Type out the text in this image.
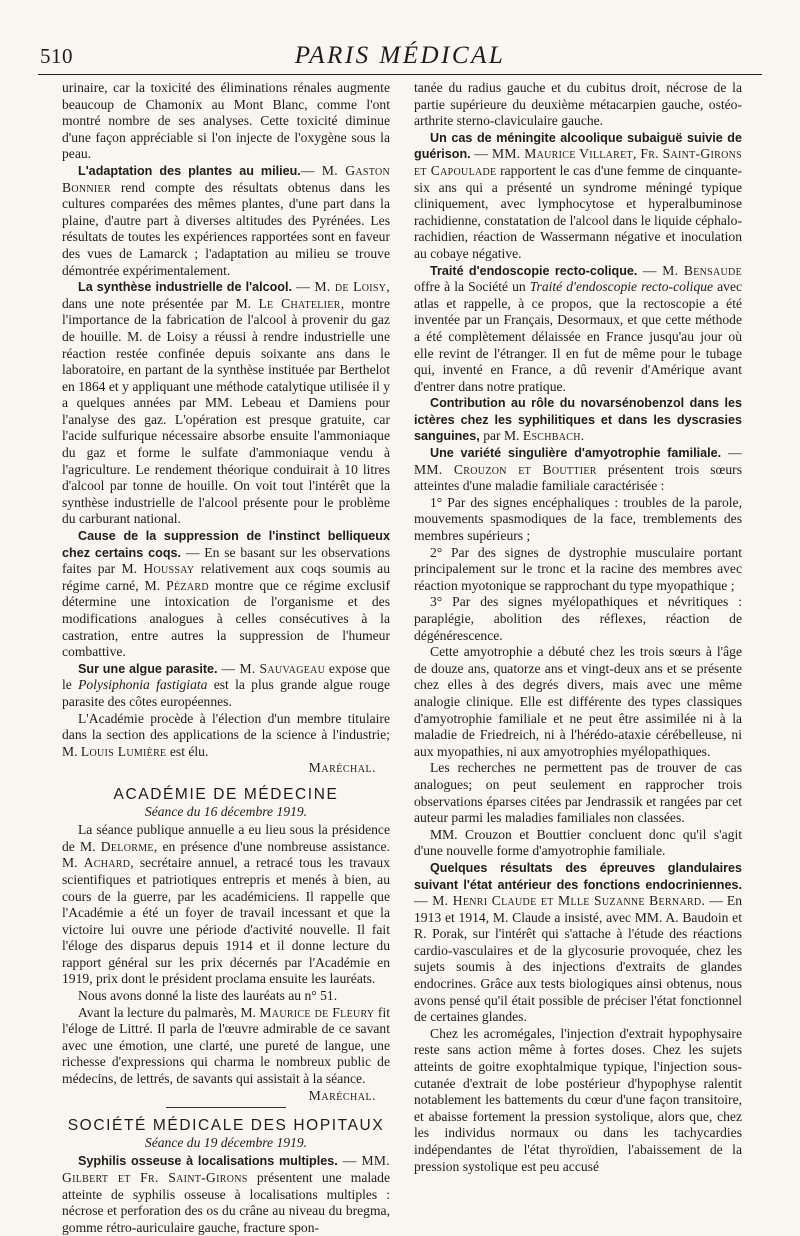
510	PARIS MÉDICAL

urinaire, car la toxicité des éliminations rénales augmente beaucoup de Chamonix au Mont Blanc, comme l'ont montré nombre de ses analyses. Cette toxicité diminue d'une façon appréciable si l'on injecte de l'oxygène sous la peau.

L'adaptation des plantes au milieu.— M. Gaston Bonnier rend compte des résultats obtenus dans les cultures comparées des mêmes plantes, d'une part dans la plaine, d'autre part à diverses altitudes des Pyrénées. Les résultats de toutes les expériences rapportées sont en faveur des vues de Lamarck ; l'adaptation au milieu se trouve démontrée expérimentalement.

La synthèse industrielle de l'alcool. — M. de Loisy, dans une note présentée par M. Le Chatelier, montre l'importance de la fabrication de l'alcool à provenir du gaz de houille. M. de Loisy a réussi à rendre industrielle une réaction restée confinée depuis soixante ans dans le laboratoire, en partant de la synthèse instituée par Berthelot en 1864 et y appliquant une méthode catalytique utilisée il y a quelques années par MM. Lebeau et Damiens pour l'analyse des gaz. L'opération est presque gratuite, car l'acide sulfurique nécessaire absorbe ensuite l'ammoniaque du gaz et forme le sulfate d'ammoniaque vendu à l'agriculture. Le rendement théorique conduirait à 10 litres d'alcool par tonne de houille. On voit tout l'intérêt que la synthèse industrielle de l'alcool présente pour le problème du carburant national.

Cause de la suppression de l'instinct belliqueux chez certains coqs. — En se basant sur les observations faites par M. Houssay relativement aux coqs soumis au régime carné, M. Pézard montre que ce régime exclusif détermine une intoxication de l'organisme et des modifications analogues à celles consécutives à la castration, entre autres la suppression de l'humeur combattive.

Sur une algue parasite. — M. Sauvageau expose que le Polysiphonia fastigiata est la plus grande algue rouge parasite des côtes européennes.

L'Académie procède à l'élection d'un membre titulaire dans la section des applications de la science à l'industrie; M. Louis Lumière est élu.

Maréchal.
ACADÉMIE DE MÉDECINE
Séance du 16 décembre 1919.

La séance publique annuelle a eu lieu sous la présidence de M. Delorme, en présence d'une nombreuse assistance. M. Achard, secrétaire annuel, a retracé tous les travaux scientifiques et patriotiques entrepris et menés à bien, au cours de la guerre, par les académiciens. Il rappelle que l'Académie a été un foyer de travail incessant et que la victoire lui ouvre une période d'activité nouvelle. Il fait l'éloge des disparus depuis 1914 et il donne lecture du rapport général sur les prix décernés par l'Académie en 1919, prix dont le président proclama ensuite les lauréats.

Nous avons donné la liste des lauréats au n° 51.

Avant la lecture du palmarès, M. Maurice de Fleury fit l'éloge de Littré. Il parla de l'œuvre admirable de ce savant avec une émotion, une clarté, une pureté de langue, une richesse d'expressions qui charma le nombreux public de médecins, de lettrés, de savants qui assistait à la séance.

Maréchal.
SOCIÉTÉ MÉDICALE DES HOPITAUX
Séance du 19 décembre 1919.

Syphilis osseuse à localisations multiples. — MM. Gilbert et Fr. Saint-Girons présentent une malade atteinte de syphilis osseuse à localisations multiples : nécrose et perforation des os du crâne au niveau du bregma, gomme rétro-auriculaire gauche, fracture spon-

tanée du radius gauche et du cubitus droit, nécrose de la partie supérieure du deuxième métacarpien gauche, ostéo-arthrite sterno-claviculaire gauche.

Un cas de méningite alcoolique subaiguë suivie de guérison. — MM. Maurice Villaret, Fr. Saint-Girons et Capoulade rapportent le cas d'une femme de cinquante-six ans qui a présenté un syndrome méningé typique cliniquement, avec lymphocytose et hyperalbuminose rachidienne, constatation de l'alcool dans le liquide céphalo-rachidien, réaction de Wassermann négative et inoculation au cobaye négative.

Traité d'endoscopie recto-colique. — M. Bensaude offre à la Société un Traité d'endoscopie recto-colique avec atlas et rappelle, à ce propos, que la rectoscopie a été inventée par un Français, Desormaux, et que cette méthode a été complètement délaissée en France jusqu'au jour où elle revint de l'étranger. Il en fut de même pour le tubage qui, inventé en France, a dû revenir d'Amérique avant d'entrer dans notre pratique.

Contribution au rôle du novarsénobenzol dans les ictères chez les syphilitiques et dans les dyscrasies sanguines, par M. Eschbach.

Une variété singulière d'amyotrophie familiale. — MM. Crouzon et Bouttier présentent trois sœurs atteintes d'une maladie familiale caractérisée :

1° Par des signes encéphaliques : troubles de la parole, mouvements spasmodiques de la face, tremblements des membres supérieurs ;

2° Par des signes de dystrophie musculaire portant principalement sur le tronc et la racine des membres avec réaction myotonique se rapprochant du type myopathique ;

3° Par des signes myélopathiques et névritiques : paraplégie, abolition des réflexes, réaction de dégénérescence.

Cette amyotrophie a débuté chez les trois sœurs à l'âge de douze ans, quatorze ans et vingt-deux ans et se présente chez elles à des degrés divers, mais avec une même analogie clinique. Elle est différente des types classiques d'amyotrophie familiale et ne peut être assimilée ni à la maladie de Friedreich, ni à l'hérédo-ataxie cérébelleuse, ni aux myopathies, ni aux amyotrophies myélopathiques.

Les recherches ne permettent pas de trouver de cas analogues; on peut seulement en rapprocher trois observations éparses citées par Jendrassik et rangées par cet auteur parmi les maladies familiales non classées.

MM. Crouzon et Bouttier concluent donc qu'il s'agit d'une nouvelle forme d'amyotrophie familiale.

Quelques résultats des épreuves glandulaires suivant l'état antérieur des fonctions endocriniennes. — M. Henri Claude et Mlle Suzanne Bernard. — En 1913 et 1914, M. Claude a insisté, avec MM. A. Baudoin et R. Porak, sur l'intérêt qui s'attache à l'étude des réactions cardio-vasculaires et de la glycosurie provoquée, chez les sujets soumis à des injections d'extraits de glandes endocrines. Grâce aux tests biologiques ainsi obtenus, nous avons pensé qu'il était possible de préciser l'état fonctionnel de certaines glandes.

Chez les acromégales, l'injection d'extrait hypophysaire reste sans action même à fortes doses. Chez les sujets atteints de goitre exophtalmique typique, l'injection sous-cutanée d'extrait de lobe postérieur d'hypophyse ralentit notablement les battements du cœur d'une façon transitoire, et abaisse fortement la pression systolique, alors que, chez les individus normaux ou dans les tachycardies indépendantes de l'état thyroïdien, l'abaissement de la pression systolique est peu accusé
